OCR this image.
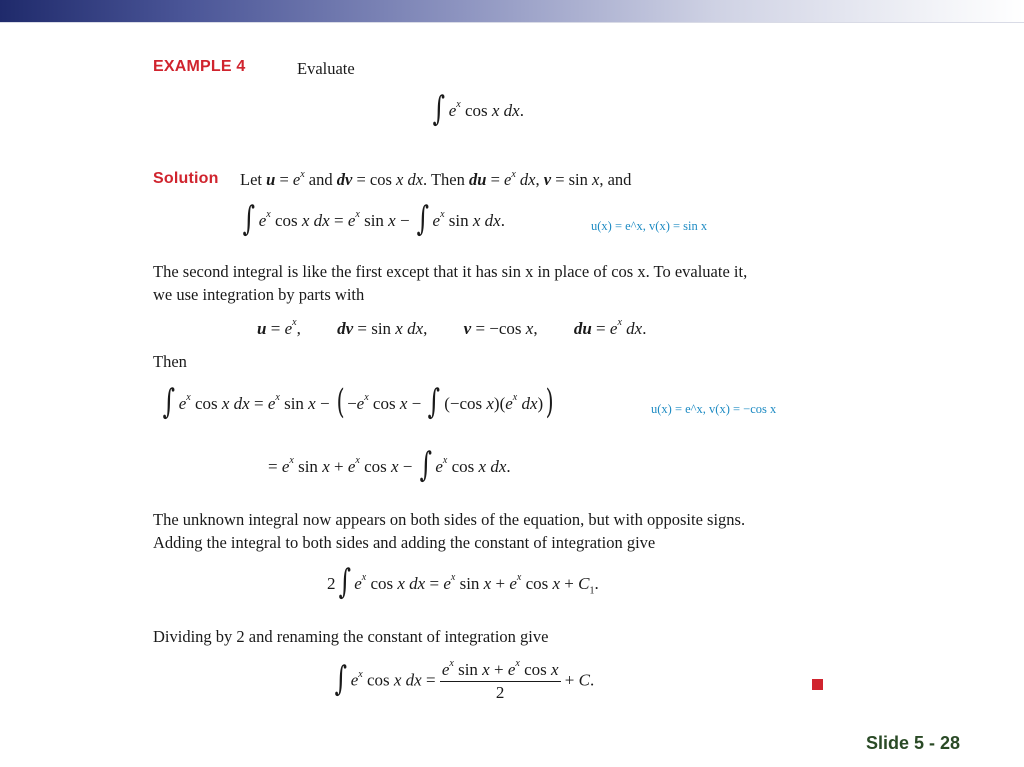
EXAMPLE 4	Evaluate
∫ $e^x$ cos x dx.
Solution Let $u = e^x$ and dv = cos x dx. Then du = $e^x$ dx, v = sin x, and
∫ $e^x$ cos x dx = $e^x$ sin x − ∫ $e^x$ sin x dx.	u(x) = e^x, v(x) = sin x
The second integral is like the first except that it has sin x in place of cos x. To evaluate it,
we use integration by parts with
$u = e^x$, dv = sin x dx, v = −cos x, du = $e^x$ dx.
Then
∫ $e^x$ cos x dx = $e^x$ sin x − ( $-e^x$ cos x − ∫ (−cos $x)(e^x$ dx))	u(x) = e^x, v(x) = −cos x
= $e^x$ $\sin x + e^x$ cos x − ∫ $e^x$ cos x dx.
The unknown integral now appears on both sides of the equation, but with opposite signs.
Adding the integral to both sides and adding the constant of integration give
2∫ $e^x$ cos x dx = $e^x$ $\sin x + e^x$ $\cos x + C_1$.
Dividing by 2 and renaming the constant of integration give
∫ $e^x$ cos x dx = $\frac{e^x \sin x + e^x \cos x}{2} + C$.
Slide 5 - 28
